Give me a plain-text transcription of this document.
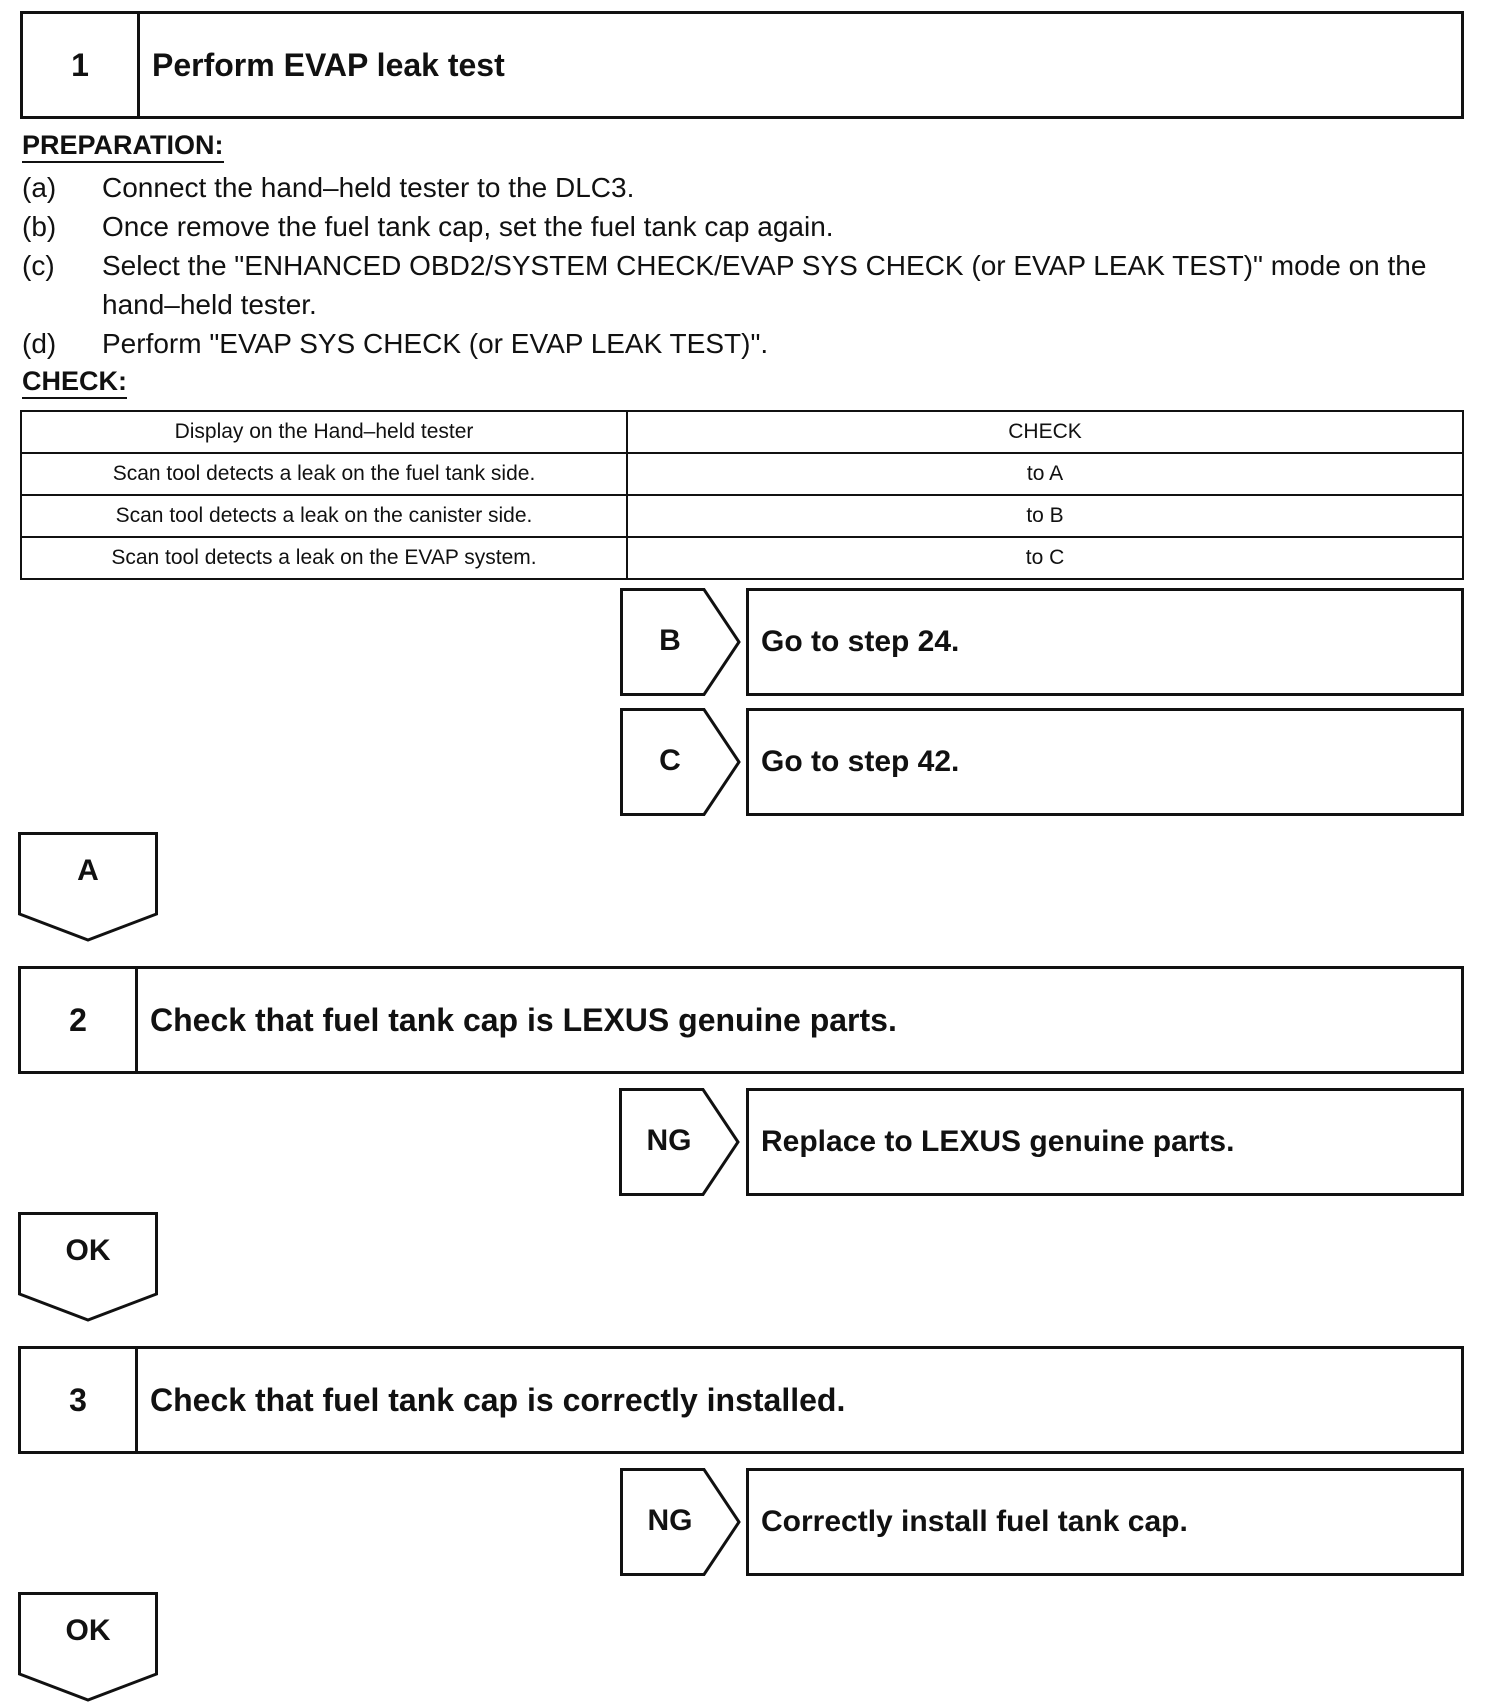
1	Perform EVAP leak test
PREPARATION:
(a) Connect the hand–held tester to the DLC3.
(b) Once remove the fuel tank cap, set the fuel tank cap again.
(c) Select the "ENHANCED OBD2/SYSTEM CHECK/EVAP SYS CHECK (or EVAP LEAK TEST)" mode on the hand–held tester.
(d) Perform "EVAP SYS CHECK (or EVAP LEAK TEST)".
CHECK:
Display on the Hand–held tester	CHECK
Scan tool detects a leak on the fuel tank side.	to A
Scan tool detects a leak on the canister side.	to B
Scan tool detects a leak on the EVAP system.	to C
B	Go to step 24.
C	Go to step 42.
A
2	Check that fuel tank cap is LEXUS genuine parts.
NG	Replace to LEXUS genuine parts.
OK
3	Check that fuel tank cap is correctly installed.
NG	Correctly install fuel tank cap.
OK
